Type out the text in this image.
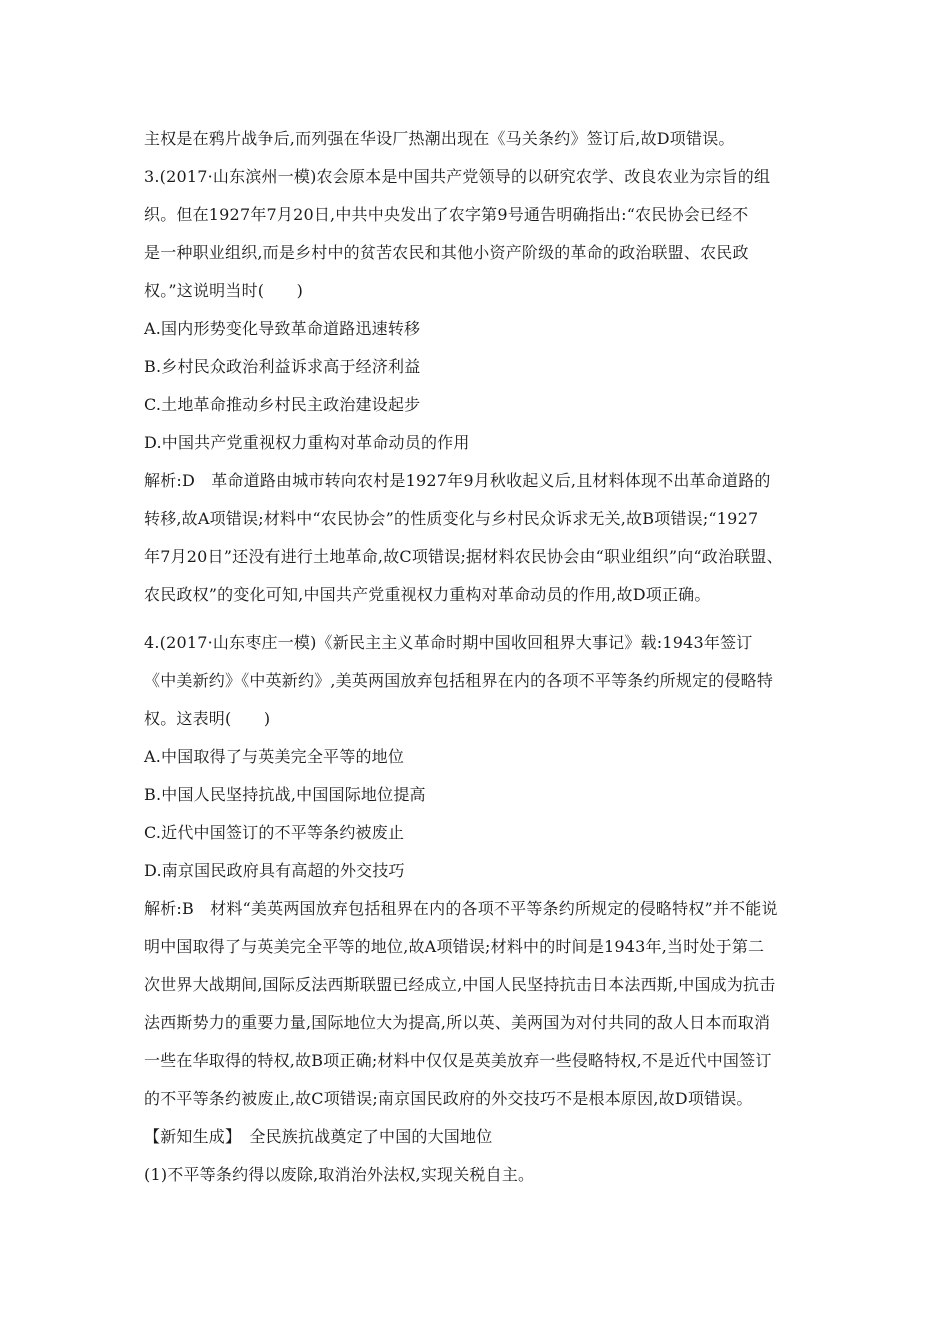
主权是在鸦片战争后,而列强在华设厂热潮出现在《马关条约》签订后,故D项错误。
3.(2017·山东滨州一模)农会原本是中国共产党领导的以研究农学、改良农业为宗旨的组
织。但在1927年7月20日,中共中央发出了农字第9号通告明确指出:“农民协会已经不
是一种职业组织,而是乡村中的贫苦农民和其他小资产阶级的革命的政治联盟、农民政
权。”这说明当时(　　)
A.国内形势变化导致革命道路迅速转移
B.乡村民众政治利益诉求高于经济利益
C.土地革命推动乡村民主政治建设起步
D.中国共产党重视权力重构对革命动员的作用
解析:D　革命道路由城市转向农村是1927年9月秋收起义后,且材料体现不出革命道路的
转移,故A项错误;材料中“农民协会”的性质变化与乡村民众诉求无关,故B项错误;“1927
年7月20日”还没有进行土地革命,故C项错误;据材料农民协会由“职业组织”向“政治联盟、
农民政权”的变化可知,中国共产党重视权力重构对革命动员的作用,故D项正确。
4.(2017·山东枣庄一模)《新民主主义革命时期中国收回租界大事记》载:1943年签订
《中美新约》《中英新约》,美英两国放弃包括租界在内的各项不平等条约所规定的侵略特
权。这表明(　　)
A.中国取得了与英美完全平等的地位
B.中国人民坚持抗战,中国国际地位提高
C.近代中国签订的不平等条约被废止
D.南京国民政府具有高超的外交技巧
解析:B　材料“美英两国放弃包括租界在内的各项不平等条约所规定的侵略特权”并不能说
明中国取得了与英美完全平等的地位,故A项错误;材料中的时间是1943年,当时处于第二
次世界大战期间,国际反法西斯联盟已经成立,中国人民坚持抗击日本法西斯,中国成为抗击
法西斯势力的重要力量,国际地位大为提高,所以英、美两国为对付共同的敌人日本而取消
一些在华取得的特权,故B项正确;材料中仅仅是英美放弃一些侵略特权,不是近代中国签订
的不平等条约被废止,故C项错误;南京国民政府的外交技巧不是根本原因,故D项错误。
【新知生成】　全民族抗战奠定了中国的大国地位
(1)不平等条约得以废除,取消治外法权,实现关税自主。
